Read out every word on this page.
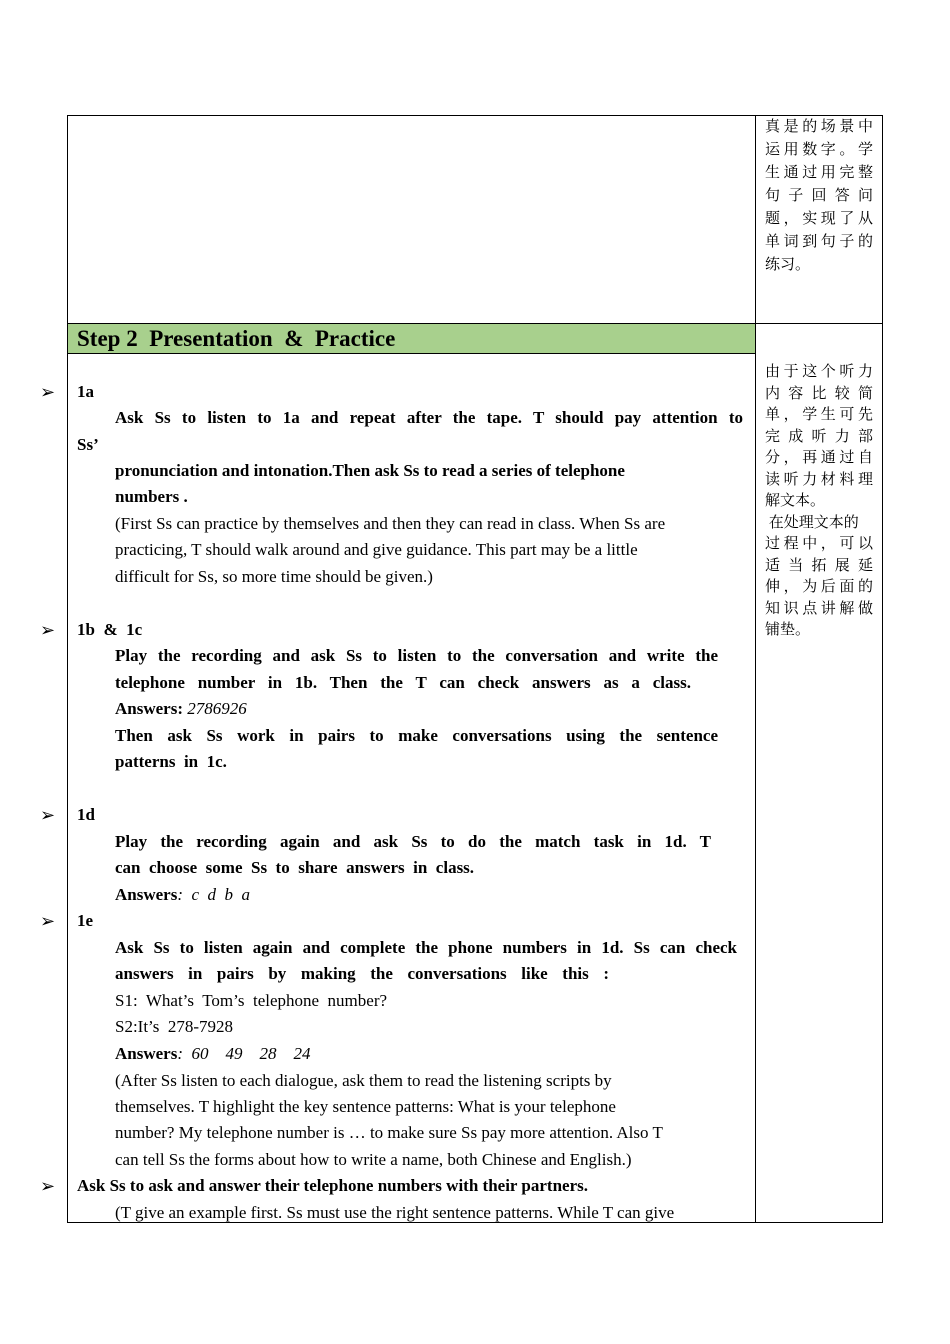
真是的场景中
运用数字。学
生通过用完整
句 子 回 答 问
题，实现了从
单词到句子的
练习。
Step 2  Presentation  &  Practice
由于这个听力
内 容 比 较 简
单，学生可先
完 成 听 力 部
分，再通过自
读听力材料理
解文本。
在处理文本的
过程中，可以
适 当 拓 展 延
伸，为后面的
知识点讲解做
铺垫。
➢ 1a
Ask Ss to listen to 1a and repeat after the tape. T should pay attention to
Ss’
pronunciation and intonation.Then ask Ss to read a series of telephone
numbers .
(First Ss can practice by themselves and then they can read in class. When Ss are
practicing, T should walk around and give guidance. This part may be a little
difficult for Ss, so more time should be given.)
➢ 1b  &  1c
Play the recording and ask Ss to listen to the conversation and write the
telephone number in 1b. Then the T can check answers as a class.
Answers: 2786926
Then ask Ss work in pairs to make conversations using the sentence
patterns  in  1c.
➢ 1d
Play the recording again and ask Ss to do the match task in 1d. T
can  choose  some  Ss  to  share  answers  in  class.
Answers:  c  d  b  a
➢ 1e
Ask Ss to listen again and complete the phone numbers in 1d. Ss can check
answers in pairs by making the conversations like this :
S1:  What’s  Tom’s  telephone  number?
S2:It’s  278-7928
Answers:  60    49    28    24
(After Ss listen to each dialogue, ask them to read the listening scripts by
themselves. T highlight the key sentence patterns: What is your telephone
number? My telephone number is … to make sure Ss pay more attention. Also T
can tell Ss the forms about how to write a name, both Chinese and English.)
➢ Ask Ss to ask and answer their telephone numbers with their partners.
(T give an example first. Ss must use the right sentence patterns. While T can give
